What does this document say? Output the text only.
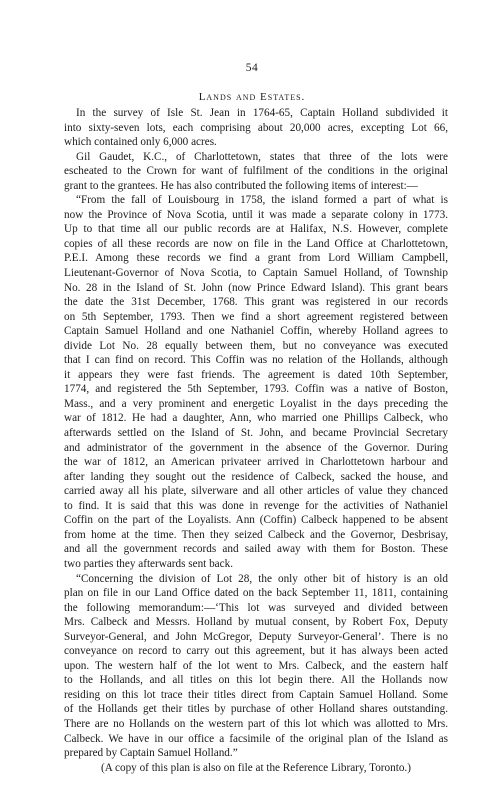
54
Lands and Estates.
In the survey of Isle St. Jean in 1764-65, Captain Holland subdivided it
into sixty-seven lots, each comprising about 20,000 acres, excepting Lot 66,
which contained only 6,000 acres.
Gil Gaudet, K.C., of Charlottetown, states that three of the lots were
escheated to the Crown for want of fulfilment of the conditions in the original
grant to the grantees. He has also contributed the following items of interest:—
“From the fall of Louisbourg in 1758, the island formed a part of what is
now the Province of Nova Scotia, until it was made a separate colony in 1773.
Up to that time all our public records are at Halifax, N.S. However, complete
copies of all these records are now on file in the Land Office at Charlottetown,
P.E.I. Among these records we find a grant from Lord William Campbell,
Lieutenant-Governor of Nova Scotia, to Captain Samuel Holland, of Township
No. 28 in the Island of St. John (now Prince Edward Island). This grant bears
the date the 31st December, 1768. This grant was registered in our records
on 5th September, 1793. Then we find a short agreement registered between
Captain Samuel Holland and one Nathaniel Coffin, whereby Holland agrees to
divide Lot No. 28 equally between them, but no conveyance was executed
that I can find on record. This Coffin was no relation of the Hollands, although
it appears they were fast friends. The agreement is dated 10th September,
1774, and registered the 5th September, 1793. Coffin was a native of Boston,
Mass., and a very prominent and energetic Loyalist in the days preceding the
war of 1812. He had a daughter, Ann, who married one Phillips Calbeck, who
afterwards settled on the Island of St. John, and became Provincial Secretary
and administrator of the government in the absence of the Governor. During
the war of 1812, an American privateer arrived in Charlottetown harbour and
after landing they sought out the residence of Calbeck, sacked the house, and
carried away all his plate, silverware and all other articles of value they chanced
to find. It is said that this was done in revenge for the activities of Nathaniel
Coffin on the part of the Loyalists. Ann (Coffin) Calbeck happened to be absent
from home at the time. Then they seized Calbeck and the Governor, Desbrisay,
and all the government records and sailed away with them for Boston. These
two parties they afterwards sent back.
“Concerning the division of Lot 28, the only other bit of history is an old
plan on file in our Land Office dated on the back September 11, 1811, containing
the following memorandum:—‘This lot was surveyed and divided between
Mrs. Calbeck and Messrs. Holland by mutual consent, by Robert Fox, Deputy
Surveyor-General, and John McGregor, Deputy Surveyor-General’. There is no
conveyance on record to carry out this agreement, but it has always been acted
upon. The western half of the lot went to Mrs. Calbeck, and the eastern half
to the Hollands, and all titles on this lot begin there. All the Hollands now
residing on this lot trace their titles direct from Captain Samuel Holland. Some
of the Hollands get their titles by purchase of other Holland shares outstanding.
There are no Hollands on the western part of this lot which was allotted to Mrs.
Calbeck. We have in our office a facsimile of the original plan of the Island as
prepared by Captain Samuel Holland.”
(A copy of this plan is also on file at the Reference Library, Toronto.)
